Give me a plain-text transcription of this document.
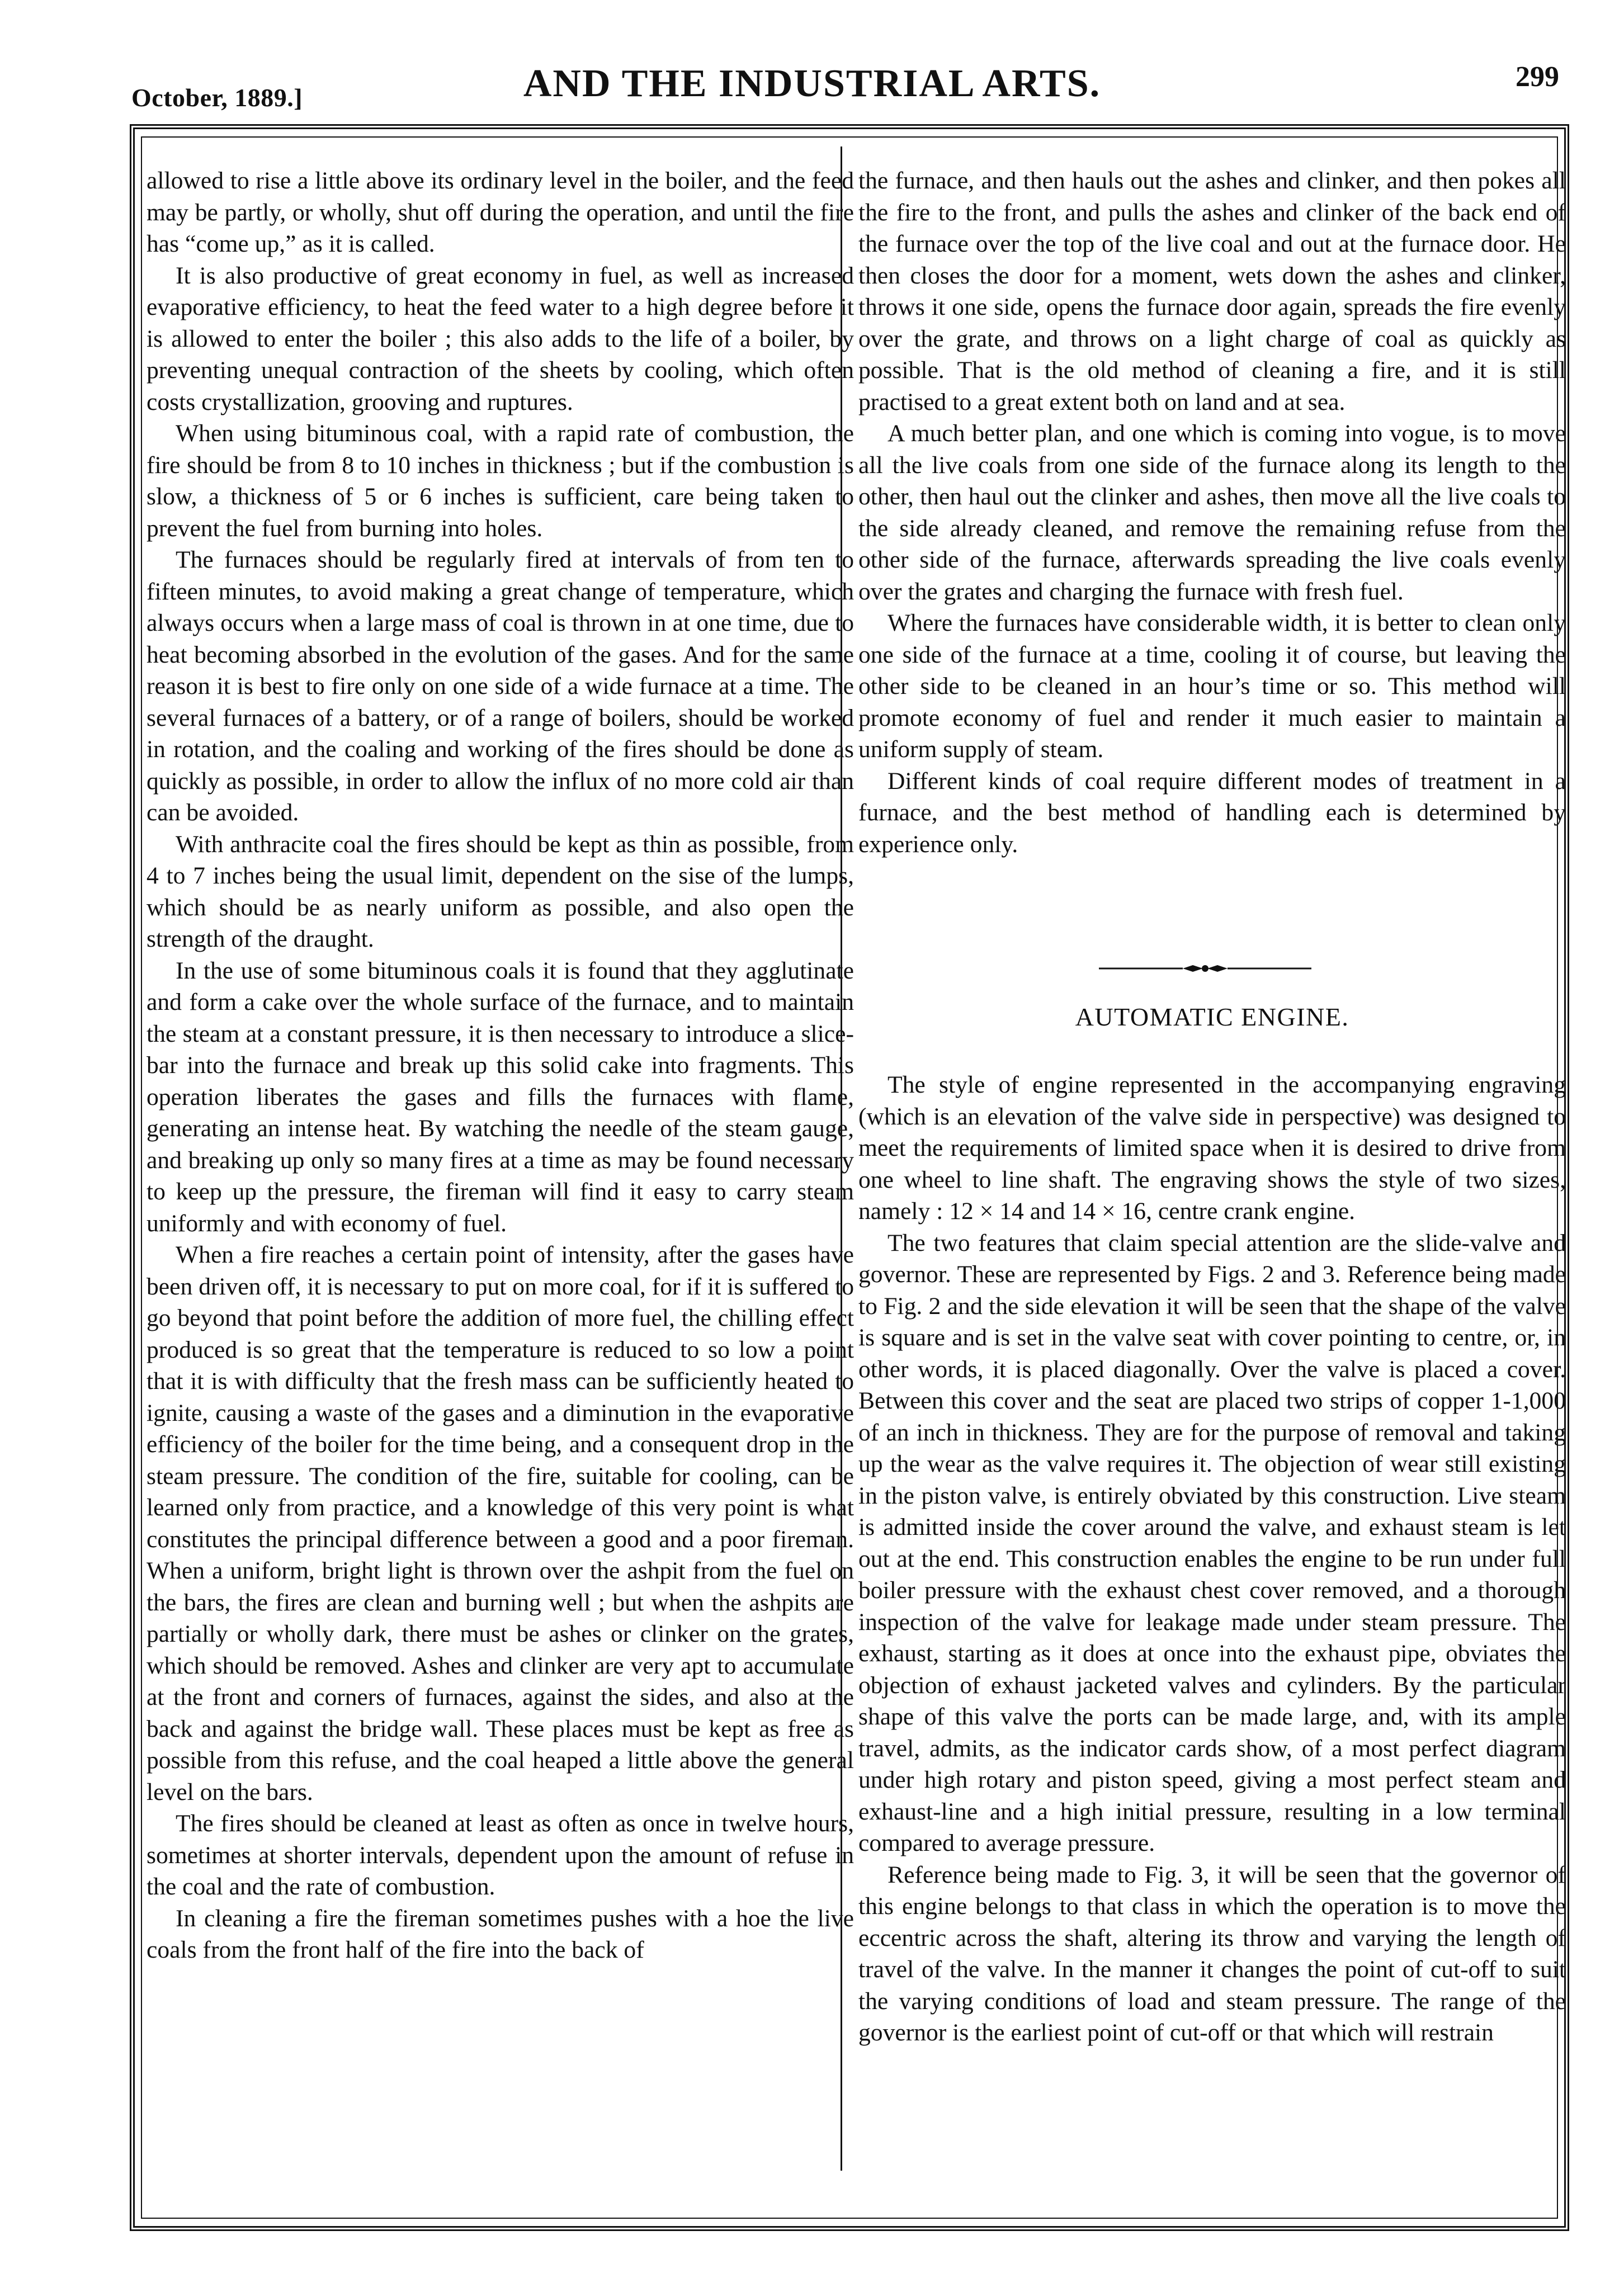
October, 1889.]	AND THE INDUSTRIAL ARTS.	299

allowed to rise a little above its ordinary level in the boiler, and the feed may be partly, or wholly, shut off during the operation, and until the fire has “come up,” as it is called.

It is also productive of great economy in fuel, as well as increased evaporative efficiency, to heat the feed water to a high degree before it is allowed to enter the boiler ; this also adds to the life of a boiler, by preventing unequal contraction of the sheets by cooling, which often costs crystallization, grooving and ruptures.

When using bituminous coal, with a rapid rate of combustion, the fire should be from 8 to 10 inches in thickness ; but if the combustion is slow, a thickness of 5 or 6 inches is sufficient, care being taken to prevent the fuel from burning into holes.

The furnaces should be regularly fired at intervals of from ten to fifteen minutes, to avoid making a great change of temperature, which always occurs when a large mass of coal is thrown in at one time, due to heat becoming absorbed in the evolution of the gases. And for the same reason it is best to fire only on one side of a wide furnace at a time. The several furnaces of a battery, or of a range of boilers, should be worked in rotation, and the coaling and working of the fires should be done as quickly as possible, in order to allow the influx of no more cold air than can be avoided.

With anthracite coal the fires should be kept as thin as possible, from 4 to 7 inches being the usual limit, dependent on the sise of the lumps, which should be as nearly uniform as possible, and also open the strength of the draught.

In the use of some bituminous coals it is found that they agglutinate and form a cake over the whole surface of the furnace, and to maintain the steam at a constant pressure, it is then necessary to introduce a slice-bar into the furnace and break up this solid cake into fragments. This operation liberates the gases and fills the furnaces with flame, generating an intense heat. By watching the needle of the steam gauge, and breaking up only so many fires at a time as may be found necessary to keep up the pressure, the fireman will find it easy to carry steam uniformly and with economy of fuel.

When a fire reaches a certain point of intensity, after the gases have been driven off, it is necessary to put on more coal, for if it is suffered to go beyond that point before the addition of more fuel, the chilling effect produced is so great that the temperature is reduced to so low a point that it is with difficulty that the fresh mass can be sufficiently heated to ignite, causing a waste of the gases and a diminution in the evaporative efficiency of the boiler for the time being, and a consequent drop in the steam pressure. The condition of the fire, suitable for cooling, can be learned only from practice, and a knowledge of this very point is what constitutes the principal difference between a good and a poor fireman. When a uniform, bright light is thrown over the ashpit from the fuel on the bars, the fires are clean and burning well ; but when the ashpits are partially or wholly dark, there must be ashes or clinker on the grates, which should be removed. Ashes and clinker are very apt to accumulate at the front and corners of furnaces, against the sides, and also at the back and against the bridge wall. These places must be kept as free as possible from this refuse, and the coal heaped a little above the general level on the bars.

The fires should be cleaned at least as often as once in twelve hours, sometimes at shorter intervals, dependent upon the amount of refuse in the coal and the rate of combustion.

In cleaning a fire the fireman sometimes pushes with a hoe the live coals from the front half of the fire into the back of

the furnace, and then hauls out the ashes and clinker, and then pokes all the fire to the front, and pulls the ashes and clinker of the back end of the furnace over the top of the live coal and out at the furnace door. He then closes the door for a moment, wets down the ashes and clinker, throws it one side, opens the furnace door again, spreads the fire evenly over the grate, and throws on a light charge of coal as quickly as possible. That is the old method of cleaning a fire, and it is still practised to a great extent both on land and at sea.

A much better plan, and one which is coming into vogue, is to move all the live coals from one side of the furnace along its length to the other, then haul out the clinker and ashes, then move all the live coals to the side already cleaned, and remove the remaining refuse from the other side of the furnace, afterwards spreading the live coals evenly over the grates and charging the furnace with fresh fuel.

Where the furnaces have considerable width, it is better to clean only one side of the furnace at a time, cooling it of course, but leaving the other side to be cleaned in an hour’s time or so. This method will promote economy of fuel and render it much easier to maintain a uniform supply of steam.

Different kinds of coal require different modes of treatment in a furnace, and the best method of handling each is determined by experience only.

AUTOMATIC ENGINE.

The style of engine represented in the accompanying engraving (which is an elevation of the valve side in perspective) was designed to meet the requirements of limited space when it is desired to drive from one wheel to line shaft. The engraving shows the style of two sizes, namely : 12 × 14 and 14 × 16, centre crank engine.

The two features that claim special attention are the slide-valve and governor. These are represented by Figs. 2 and 3. Reference being made to Fig. 2 and the side elevation it will be seen that the shape of the valve is square and is set in the valve seat with cover pointing to centre, or, in other words, it is placed diagonally. Over the valve is placed a cover. Between this cover and the seat are placed two strips of copper 1-1,000 of an inch in thickness. They are for the purpose of removal and taking up the wear as the valve requires it. The objection of wear still existing in the piston valve, is entirely obviated by this construction. Live steam is admitted inside the cover around the valve, and exhaust steam is let out at the end. This construction enables the engine to be run under full boiler pressure with the exhaust chest cover removed, and a thorough inspection of the valve for leakage made under steam pressure. The exhaust, starting as it does at once into the exhaust pipe, obviates the objection of exhaust jacketed valves and cylinders. By the particular shape of this valve the ports can be made large, and, with its ample travel, admits, as the indicator cards show, of a most perfect diagram under high rotary and piston speed, giving a most perfect steam and exhaust-line and a high initial pressure, resulting in a low terminal compared to average pressure.

Reference being made to Fig. 3, it will be seen that the governor of this engine belongs to that class in which the operation is to move the eccentric across the shaft, altering its throw and varying the length of travel of the valve. In the manner it changes the point of cut-off to suit the varying conditions of load and steam pressure. The range of the governor is the earliest point of cut-off or that which will restrain
